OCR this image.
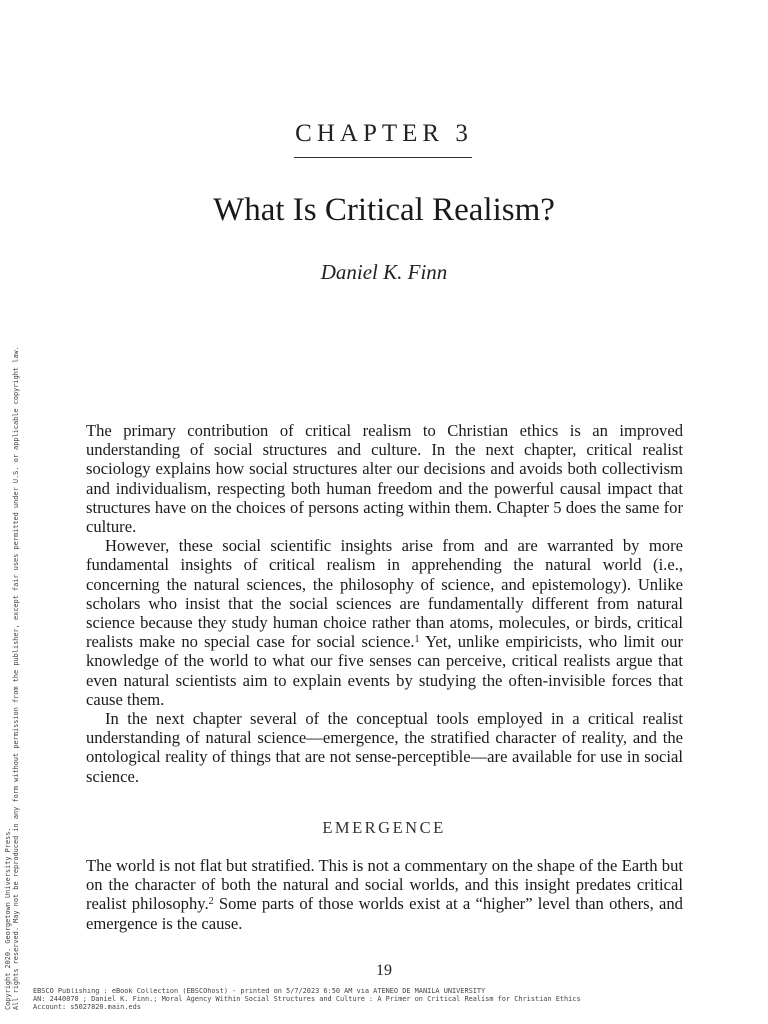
CHAPTER 3
What Is Critical Realism?
Daniel K. Finn

The primary contribution of critical realism to Christian ethics is an improved understanding of social structures and culture. In the next chapter, critical realist sociology explains how social structures alter our decisions and avoids both collectivism and individualism, respecting both human freedom and the powerful causal impact that structures have on the choices of persons acting within them. Chapter 5 does the same for culture.

However, these social scientific insights arise from and are warranted by more fundamental insights of critical realism in apprehending the natural world (i.e., concerning the natural sciences, the philosophy of science, and epistemology). Unlike scholars who insist that the social sciences are fundamentally different from natural science because they study human choice rather than atoms, molecules, or birds, critical realists make no special case for social science.$^1$ Yet, unlike empiricists, who limit our knowledge of the world to what our five senses can perceive, critical realists argue that even natural scientists aim to explain events by studying the often-invisible forces that cause them.

In the next chapter several of the conceptual tools employed in a critical realist understanding of natural science—emergence, the stratified character of reality, and the ontological reality of things that are not sense-perceptible—are available for use in social science.

EMERGENCE

The world is not flat but stratified. This is not a commentary on the shape of the Earth but on the character of both the natural and social worlds, and this insight predates critical realist philosophy.$^2$ Some parts of those worlds exist at a “higher” level than others, and emergence is the cause.

19
EBSCO Publishing : eBook Collection (EBSCOhost) - printed on 5/7/2023 6:50 AM via ATENEO DE MANILA UNIVERSITY
AN: 2440070 ; Daniel K. Finn.; Moral Agency Within Social Structures and Culture : A Primer on Critical Realism for Christian Ethics
Account: s5027820.main.eds
Copyright 2020. Georgetown University Press. All rights reserved. May not be reproduced in any form without permission from the publisher, except fair uses permitted under U.S. or applicable copyright law.
